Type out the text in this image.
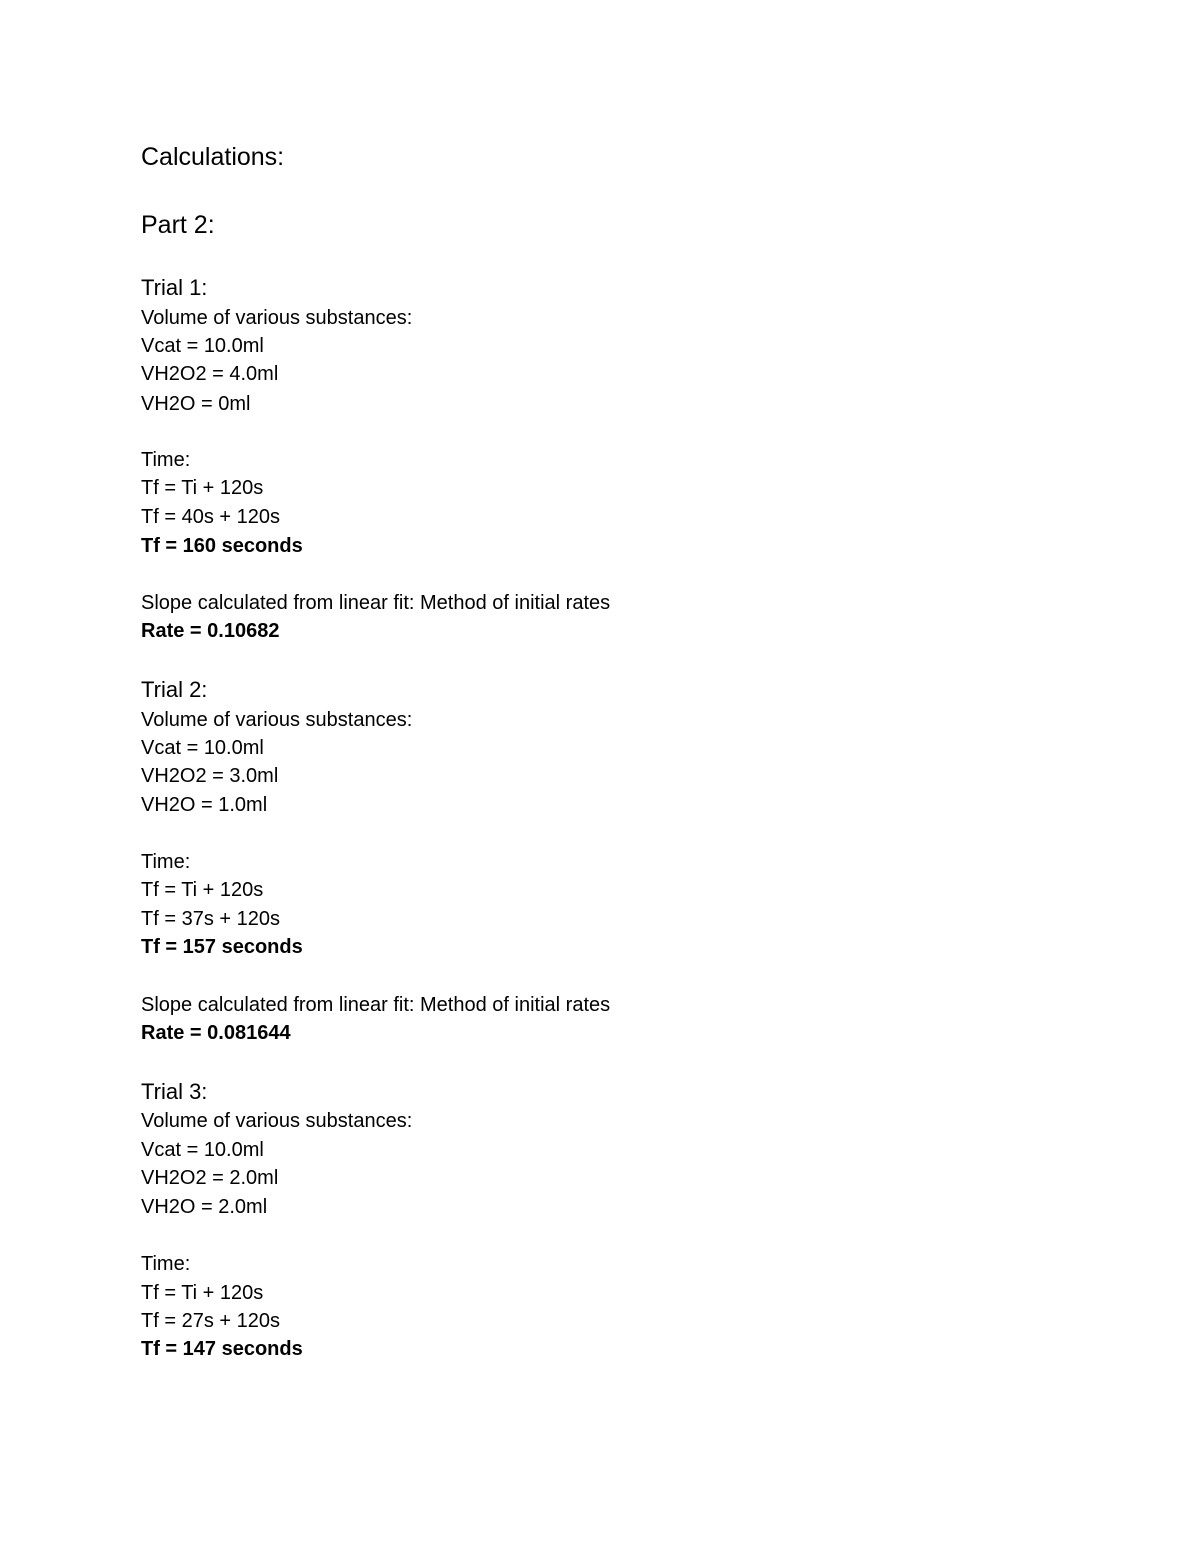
Calculations:
Part 2:
Trial 1:
Volume of various substances:
Vcat = 10.0ml
VH2O2 = 4.0ml
VH2O = 0ml
Time:
Tf = Ti + 120s
Tf = 40s + 120s
Tf = 160 seconds
Slope calculated from linear fit: Method of initial rates
Rate = 0.10682
Trial 2:
Volume of various substances:
Vcat = 10.0ml
VH2O2 = 3.0ml
VH2O = 1.0ml
Time:
Tf = Ti + 120s
Tf = 37s + 120s
Tf = 157 seconds
Slope calculated from linear fit: Method of initial rates
Rate = 0.081644
Trial 3:
Volume of various substances:
Vcat = 10.0ml
VH2O2 = 2.0ml
VH2O = 2.0ml
Time:
Tf = Ti + 120s
Tf = 27s + 120s
Tf = 147 seconds
